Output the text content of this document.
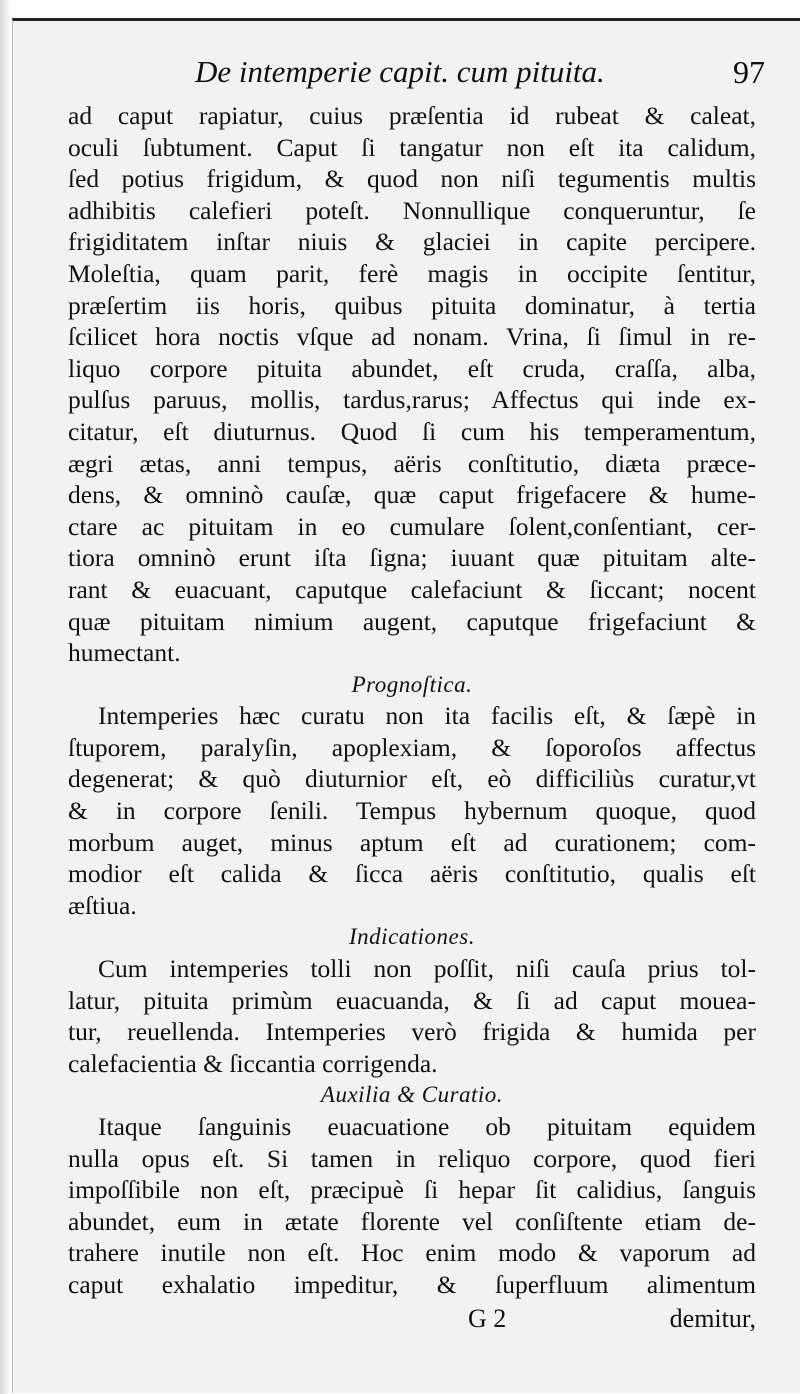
De intemperie capit. cum pituita.	97
ad caput rapiatur, cuius præſentia id rubeat & caleat,
oculi ſubtument. Caput ſi tangatur non eſt ita calidum,
ſed potius frigidum, & quod non niſi tegumentis multis
adhibitis calefieri poteſt. Nonnullique conqueruntur, ſe
frigiditatem inſtar niuis & glaciei in capite percipere.
Moleſtia, quam parit, ferè magis in occipite ſentitur,
præſertim iis horis, quibus pituita dominatur, à tertia
ſcilicet hora noctis vſque ad nonam. Vrina, ſi ſimul in re-
liquo corpore pituita abundet, eſt cruda, craſſa, alba,
pulſus paruus, mollis, tardus,rarus; Affectus qui inde ex-
citatur, eſt diuturnus. Quod ſi cum his temperamentum,
ægri ætas, anni tempus, aëris conſtitutio, diæta præce-
dens, & omninò cauſæ, quæ caput frigefacere & hume-
ctare ac pituitam in eo cumulare ſolent,conſentiant, cer-
tiora omninò erunt iſta ſigna; iuuant quæ pituitam alte-
rant & euacuant, caputque calefaciunt & ſiccant; nocent
quæ pituitam nimium augent, caputque frigefaciunt &
humectant.
Prognoſtica.
Intemperies hæc curatu non ita facilis eſt, & ſæpè in
ſtuporem, paralyſin, apoplexiam, & ſoporoſos affectus
degenerat; & quò diuturnior eſt, eò difficiliùs curatur,vt
& in corpore ſenili. Tempus hybernum quoque, quod
morbum auget, minus aptum eſt ad curationem; com-
modior eſt calida & ſicca aëris conſtitutio, qualis eſt
æſtiua.
Indicationes.
Cum intemperies tolli non poſſit, niſi cauſa prius tol-
latur, pituita primùm euacuanda, & ſi ad caput mouea-
tur, reuellenda. Intemperies verò frigida & humida per
calefacientia & ſiccantia corrigenda.
Auxilia & Curatio.
Itaque ſanguinis euacuatione ob pituitam equidem
nulla opus eſt. Si tamen in reliquo corpore, quod fieri
impoſſibile non eſt, præcipuè ſi hepar ſit calidius, ſanguis
abundet, eum in ætate florente vel conſiſtente etiam de-
trahere inutile non eſt. Hoc enim modo & vaporum ad
caput exhalatio impeditur, & ſuperfluum alimentum
G 2	demitur,
